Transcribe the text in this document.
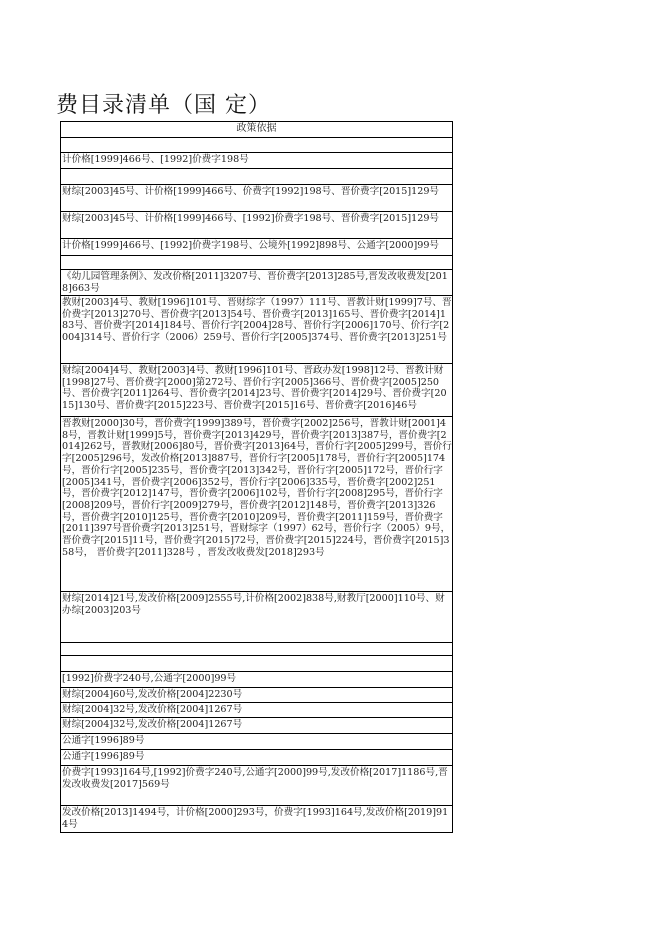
费目录清单（国 定）
政策依据
计价格[1999]466号、[1992]价费字198号
财综[2003]45号、计价格[1999]466号、价费字[1992]198号、晋价费字[2015]129号
财综[2003]45号、计价格[1999]466号、[1992]价费字198号、晋价费字[2015]129号
计价格[1999]466号、[1992]价费字198号、公境外[1992]898号、公通字[2000]99号
《幼儿园管理条例》、发改价格[2011]3207号、晋价费字[2013]285号,晋发改收费发[2018]663号
教财[2003]4号、教财[1996]101号、晋财综字（1997）111号、晋教计财[1999]7号、晋价费字[2013]270号、晋价费字[2013]54号、晋价费字[2013]165号、晋价费字[2014]183号、晋价费字[2014]184号、晋价行字[2004]28号、晋价行字[2006]170号、价行字[2004]314号、晋价行字（2006）259号、晋价行字[2005]374号、晋价费字[2013]251号
财综[2004]4号、教财[2003]4号、教财[1996]101号、晋政办发[1998]12号、晋教计财[1998]27号、晋价费字[2000]第272号、晋价行字[2005]366号、晋价费字[2005]250号、晋价费字[2011]264号、晋价费字[2014]23号、晋价费字[2014]29号、晋价费字[2015]130号、晋价费字[2015]223号、晋价费字[2015]16号、晋价费字[2016]46号
晋教财[2000]30号，晋价费字[1999]389号，晋价费字[2002]256号，晋教计财[2001]48号，晋教计财[1999]5号，晋价费字[2013]429号，晋价费字[2013]387号，晋价费字[2014]262号，晋教财[2006]80号，晋价费字[2013]64号，晋价行字[2005]299号，晋价行字[2005]296号，发改价格[2013]887号，晋价行字[2005]178号，晋价行字[2005]174号，晋价行字[2005]235号，晋价费字[2013]342号，晋价行字[2005]172号，晋价行字[2005]341号，晋价费字[2006]352号，晋价行字[2006]335号，晋价费字[2002]251号，晋价费字[2012]147号，晋价费字[2006]102号，晋价行字[2008]295号，晋价行字[2008]209号，晋价行字[2009]279号，晋价费字[2012]148号，晋价费字[2013]326号，晋价费字[2010]125号，晋价费字[2010]209号，晋价费字[2011]159号，晋价费字[2011]397号晋价费字[2013]251号，晋财综字（1997）62号，晋价行字（2005）9号，晋价费字[2015]11号，晋价费字[2015]72号，晋价费字[2015]224号，晋价费字[2015]358号， 晋价费字[2011]328号 ，晋发改收费发[2018]293号
财综[2014]21号,发改价格[2009]2555号,计价格[2002]838号,财教厅[2000]110号、财办综[2003]203号
[1992]价费字240号,公通字[2000]99号
财综[2004]60号,发改价格[2004]2230号
财综[2004]32号,发改价格[2004]1267号
财综[2004]32号,发改价格[2004]1267号
公通字[1996]89号
公通字[1996]89号
价费字[1993]164号,[1992]价费字240号,公通字[2000]99号,发改价格[2017]1186号,晋发改收费发[2017]569号
发改价格[2013]1494号，计价格[2000]293号，价费字[1993]164号,发改价格[2019]914号
